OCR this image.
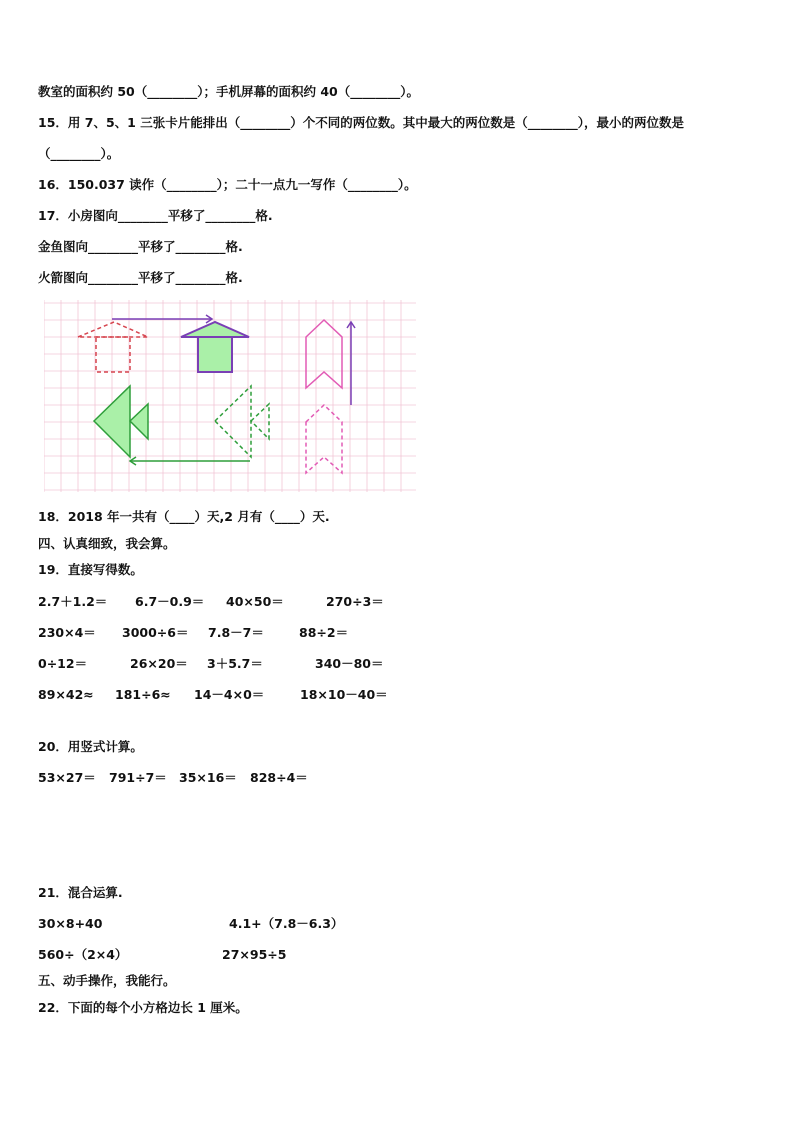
教室的面积约 50（________）；手机屏幕的面积约 40（________）。
15．用 7、5、1 三张卡片能排出（________）个不同的两位数。其中最大的两位数是（________），最小的两位数是
（________）。
16．150.037 读作（________）；二十一点九一写作（________）。
17．小房图向________平移了________格.
金鱼图向________平移了________格.
火箭图向________平移了________格.
18．2018 年一共有（____）天,2 月有（____）天.
四、认真细致，我会算。
19．直接写得数。
2.7＋1.2＝ 6.7－0.9＝ 40×50＝	270÷3＝
230×4＝ 3000÷6＝ 7.8－7＝	88÷2＝
0÷12＝	26×20＝ 3＋5.7＝	340－80＝
89×42≈ 181÷6≈ 14－4×0＝	18×10－40＝
20．用竖式计算。
53×27＝ 791÷7＝ 35×16＝ 828÷4＝
21．混合运算.
30×8+40	4.1+（7.8－6.3）
560÷（2×4）	27×95÷5
五、动手操作，我能行。
22．下面的每个小方格边长 1 厘米。
